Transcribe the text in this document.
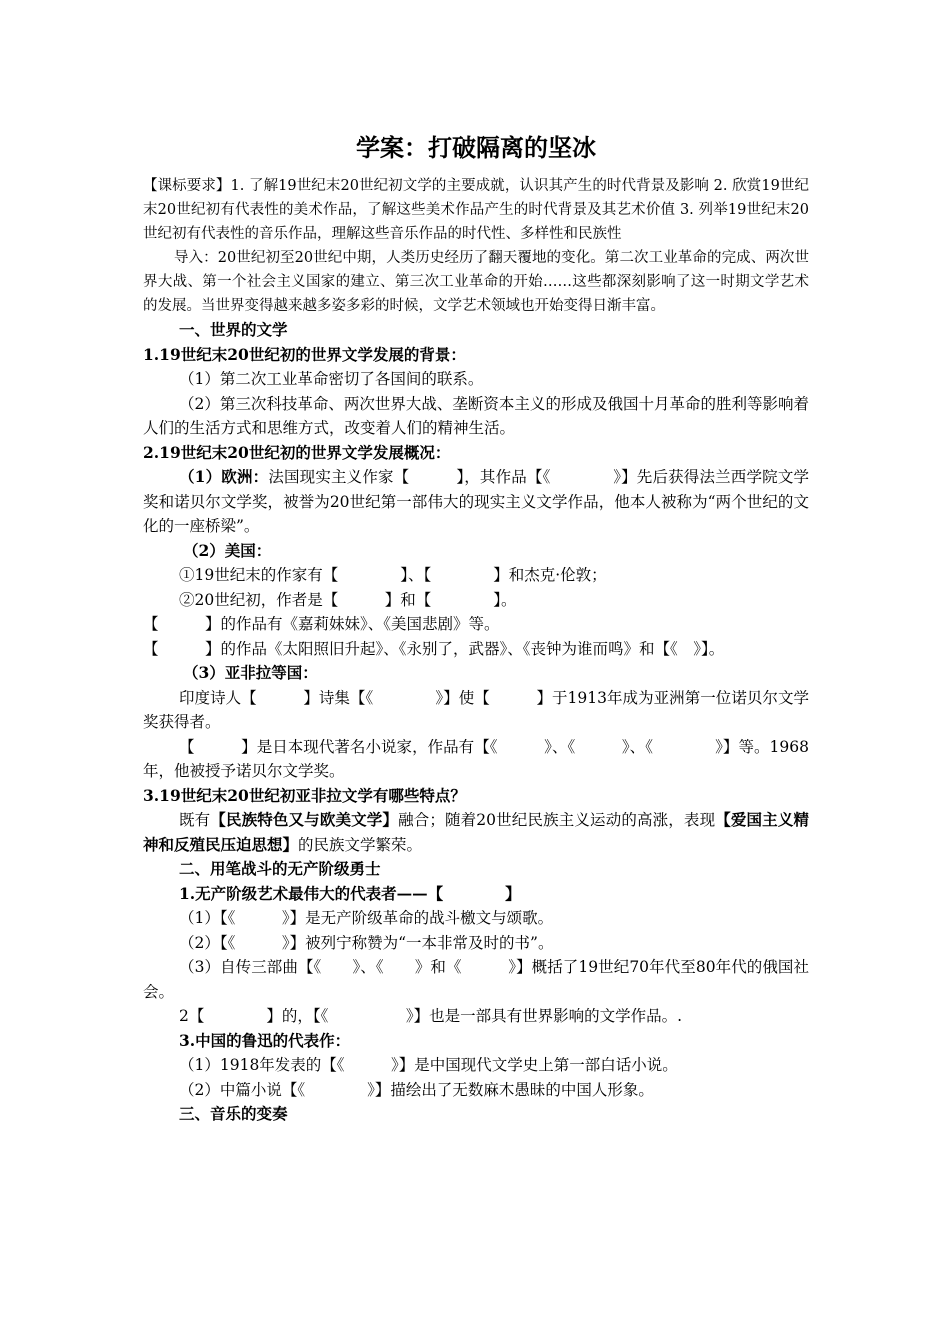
学案：打破隔离的坚冰

【课标要求】1. 了解19世纪末20世纪初文学的主要成就，认识其产生的时代背景及影响 2. 欣赏19世纪末20世纪初有代表性的美术作品，了解这些美术作品产生的时代背景及其艺术价值 3. 列举19世纪末20世纪初有代表性的音乐作品，理解这些音乐作品的时代性、多样性和民族性

导入：20世纪初至20世纪中期，人类历史经历了翻天覆地的变化。第二次工业革命的完成、两次世界大战、第一个社会主义国家的建立、第三次工业革命的开始……这些都深刻影响了这一时期文学艺术的发展。当世界变得越来越多姿多彩的时候，文学艺术领域也开始变得日渐丰富。

一、世界的文学

1.19世纪末20世纪初的世界文学发展的背景：

（1）第二次工业革命密切了各国间的联系。

（2）第三次科技革命、两次世界大战、垄断资本主义的形成及俄国十月革命的胜利等影响着人们的生活方式和思维方式，改变着人们的精神生活。

2.19世纪末20世纪初的世界文学发展概况：

（1）欧洲：法国现实主义作家【　　　】，其作品【《　　　　》】先后获得法兰西学院文学奖和诺贝尔文学奖，被誉为20世纪第一部伟大的现实主义文学作品，他本人被称为“两个世纪的文化的一座桥梁”。

（2）美国：

①19世纪末的作家有【　　　　】、【　　　　】和杰克·伦敦；

②20世纪初，作者是【　　　】和【　　　　】。

【　　　】的作品有《嘉莉妹妹》、《美国悲剧》等。

【　　　】的作品《太阳照旧升起》、《永别了，武器》、《丧钟为谁而鸣》和【《　》】。

（3）亚非拉等国：

印度诗人【　　　】诗集【《　　　　》】使【　　　】于1913年成为亚洲第一位诺贝尔文学奖获得者。

【　　　】是日本现代著名小说家，作品有【《　　　》、《　　　》、《　　　　》】等。1968年，他被授予诺贝尔文学奖。

3.19世纪末20世纪初亚非拉文学有哪些特点？

既有【民族特色又与欧美文学】融合；随着20世纪民族主义运动的高涨，表现【爱国主义精神和反殖民压迫思想】的民族文学繁荣。

二、用笔战斗的无产阶级勇士

1.无产阶级艺术最伟大的代表者——【　　　　】

（1）【《　　　》】是无产阶级革命的战斗檄文与颂歌。

（2）【《　　　》】被列宁称赞为“一本非常及时的书”。

（3）自传三部曲【《　　》、《　　》和《　　　》】概括了19世纪70年代至80年代的俄国社会。

2【　　　　】的，【《　　　　　》】也是一部具有世界影响的文学作品。.

3.中国的鲁迅的代表作：

（1）1918年发表的【《　　　》】是中国现代文学史上第一部白话小说。

（2）中篇小说【《　　　　》】描绘出了无数麻木愚昧的中国人形象。

三、音乐的变奏
